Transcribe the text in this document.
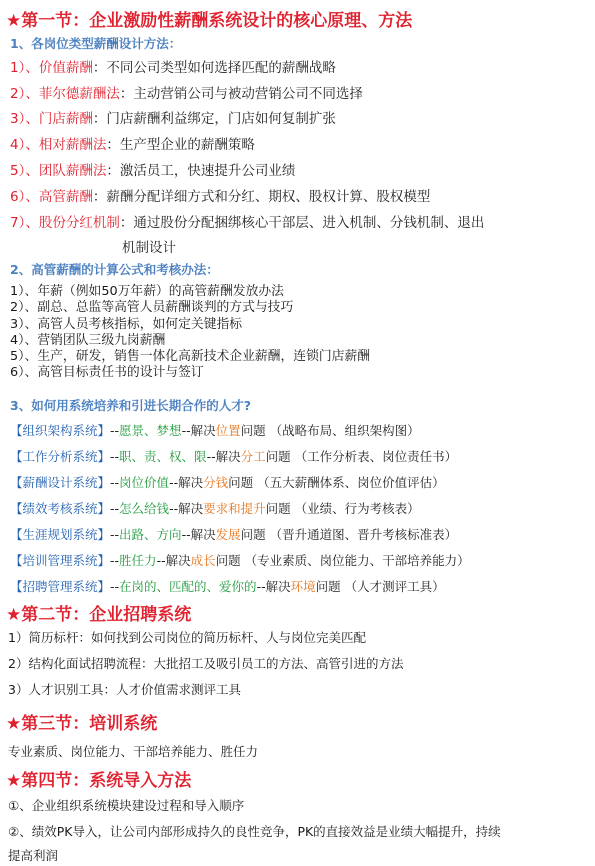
★第一节：企业激励性薪酬系统设计的核心原理、方法
1、各岗位类型薪酬设计方法：
1）、价值薪酬：不同公司类型如何选择匹配的薪酬战略
2）、菲尔德薪酬法：主动营销公司与被动营销公司不同选择
3）、门店薪酬：门店薪酬利益绑定，门店如何复制扩张
4）、相对薪酬法：生产型企业的薪酬策略
5）、团队薪酬法：激活员工，快速提升公司业绩
6）、高管薪酬：薪酬分配详细方式和分红、期权、股权计算、股权模型
7）、股份分红机制：通过股份分配捆绑核心干部层、进入机制、分钱机制、退出
机制设计
2、高管薪酬的计算公式和考核办法：
1）、年薪（例如50万年薪）的高管薪酬发放办法
2）、副总、总监等高管人员薪酬谈判的方式与技巧
3）、高管人员考核指标，如何定关键指标
4）、营销团队三级九岗薪酬
5）、生产，研发，销售一体化高新技术企业薪酬，连锁门店薪酬
6）、高管目标责任书的设计与签订
3、如何用系统培养和引进长期合作的人才?
【组织架构系统】--愿景、梦想--解决位置问题 （战略布局、组织架构图）
【工作分析系统】--职、责、权、限--解决分工问题 （工作分析表、岗位责任书）
【薪酬设计系统】--岗位价值--解决分钱问题 （五大薪酬体系、岗位价值评估）
【绩效考核系统】--怎么给钱--解决要求和提升问题 （业绩、行为考核表）
【生涯规划系统】--出路、方向--解决发展问题 （晋升通道图、晋升考核标准表）
【培训管理系统】--胜任力--解决成长问题 （专业素质、岗位能力、干部培养能力）
【招聘管理系统】--在岗的、匹配的、爱你的--解决环境问题 （人才测评工具）
★第二节：企业招聘系统
1）简历标杆：如何找到公司岗位的简历标杆、人与岗位完美匹配
2）结构化面试招聘流程：大批招工及吸引员工的方法、高管引进的方法
3）人才识别工具：人才价值需求测评工具
★第三节：培训系统
专业素质、岗位能力、干部培养能力、胜任力
★第四节：系统导入方法
①、企业组织系统模块建设过程和导入顺序
②、绩效PK导入，让公司内部形成持久的良性竞争，PK的直接效益是业绩大幅提升，持续
提高利润
